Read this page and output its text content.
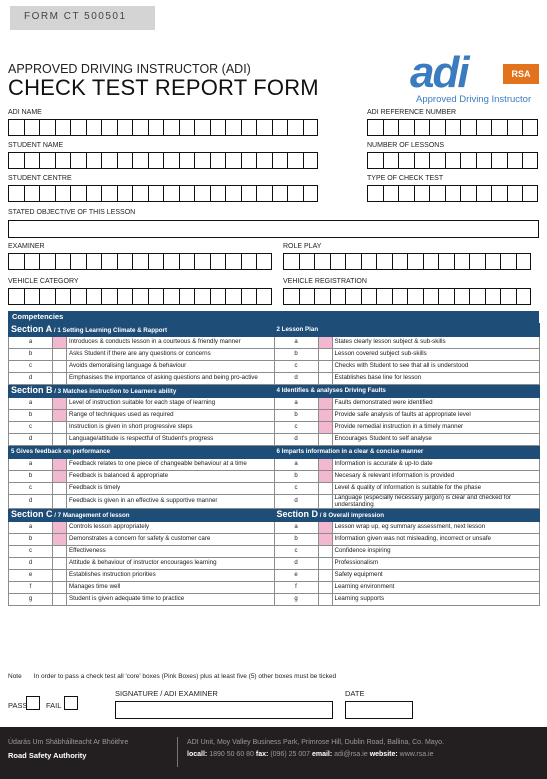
FORM CT 500501
APPROVED DRIVING INSTRUCTOR (ADI)
CHECK TEST REPORT FORM adi	RSA
Approved Driving Instructor
ADI NAME	ADI REFERENCE NUMBER
STUDENT NAME	NUMBER OF LESSONS
STUDENT CENTRE	TYPE OF CHECK TEST
STATED OBJECTIVE OF THIS LESSON
EXAMINER	ROLE PLAY
VEHICLE CATEGORY	VEHICLE REGISTRATION
Competencies
Section A / 1 Setting Learning Climate & Rapport			2 Lesson Plan		
a		Introduces & conducts lesson in a courteous & friendly manner	a		States clearly lesson subject & sub-skills
b		Asks Student if there are any questions or concerns	b		Lesson covered subject sub-skills
c		Avoids demoralising language & behaviour	c		Checks with Student to see that all is understood
d		Emphasises the importance of asking questions and being pro-active	d		Establishes base line for lesson
Section B / 3 Matches instruction to Learners ability			4 Identifies & analyses Driving Faults		
a		Level of instruction suitable for each stage of learning	a		Faults demonstrated were identified
b		Range of techniques used as required	b		Provide safe analysis of faults at appropriate level
c		Instruction is given in short progressive steps	c		Provide remedial instruction in a timely manner
d		Language/attitude is respectful of Student's progress	d		Encourages Student to self analyse
5 Gives feedback on performance			6 Imparts information in a clear & concise manner		
a		Feedback relates to one piece of changeable behaviour at a time	a		Information is accurate & up-to date
b		Feedback is balanced & appropriate	b		Necesary & relevant information is provided
c		Feedback is timely	c		Level & quality of information is suitable for the phase
d		Feedback is given in an effective & supportive manner	d		Language (especially necessary jargon) is clear and checked for understanding
Section C / 7 Management of lesson			Section D / 8 Overall impression		
a		Controls lesson appropriately	a		Lesson wrap up, eg summary assessment, next lesson
b		Demonstrates a concern for safety & customer care	b		Information given was not misleading, incorrect or unsafe
c		Effectiveness	c		Confidence inspiring
d		Attitude & behaviour of instructor encourages learning	d		Professionalism
e		Establishes instruction priorities	e		Safety equipment
f		Manages time well	f		Learning environment
g		Student is given adequate time to practice	g		Learning supports
Note In order to pass a check test all 'core' boxes (Pink Boxes) plus at least five (5) other boxes must be ticked
PASS FAIL
SIGNATURE / ADI EXAMINER	DATE
Údarás Um Shábháilteacht Ar Bhóithre
Road Safety Authority
ADI Unit, Moy Valley Business Park, Primrose Hill, Dublin Road, Ballina, Co. Mayo.
locall: 1890 50 60 80 fax: (096) 25 007 email: adi@rsa.ie website: www.rsa.ie
